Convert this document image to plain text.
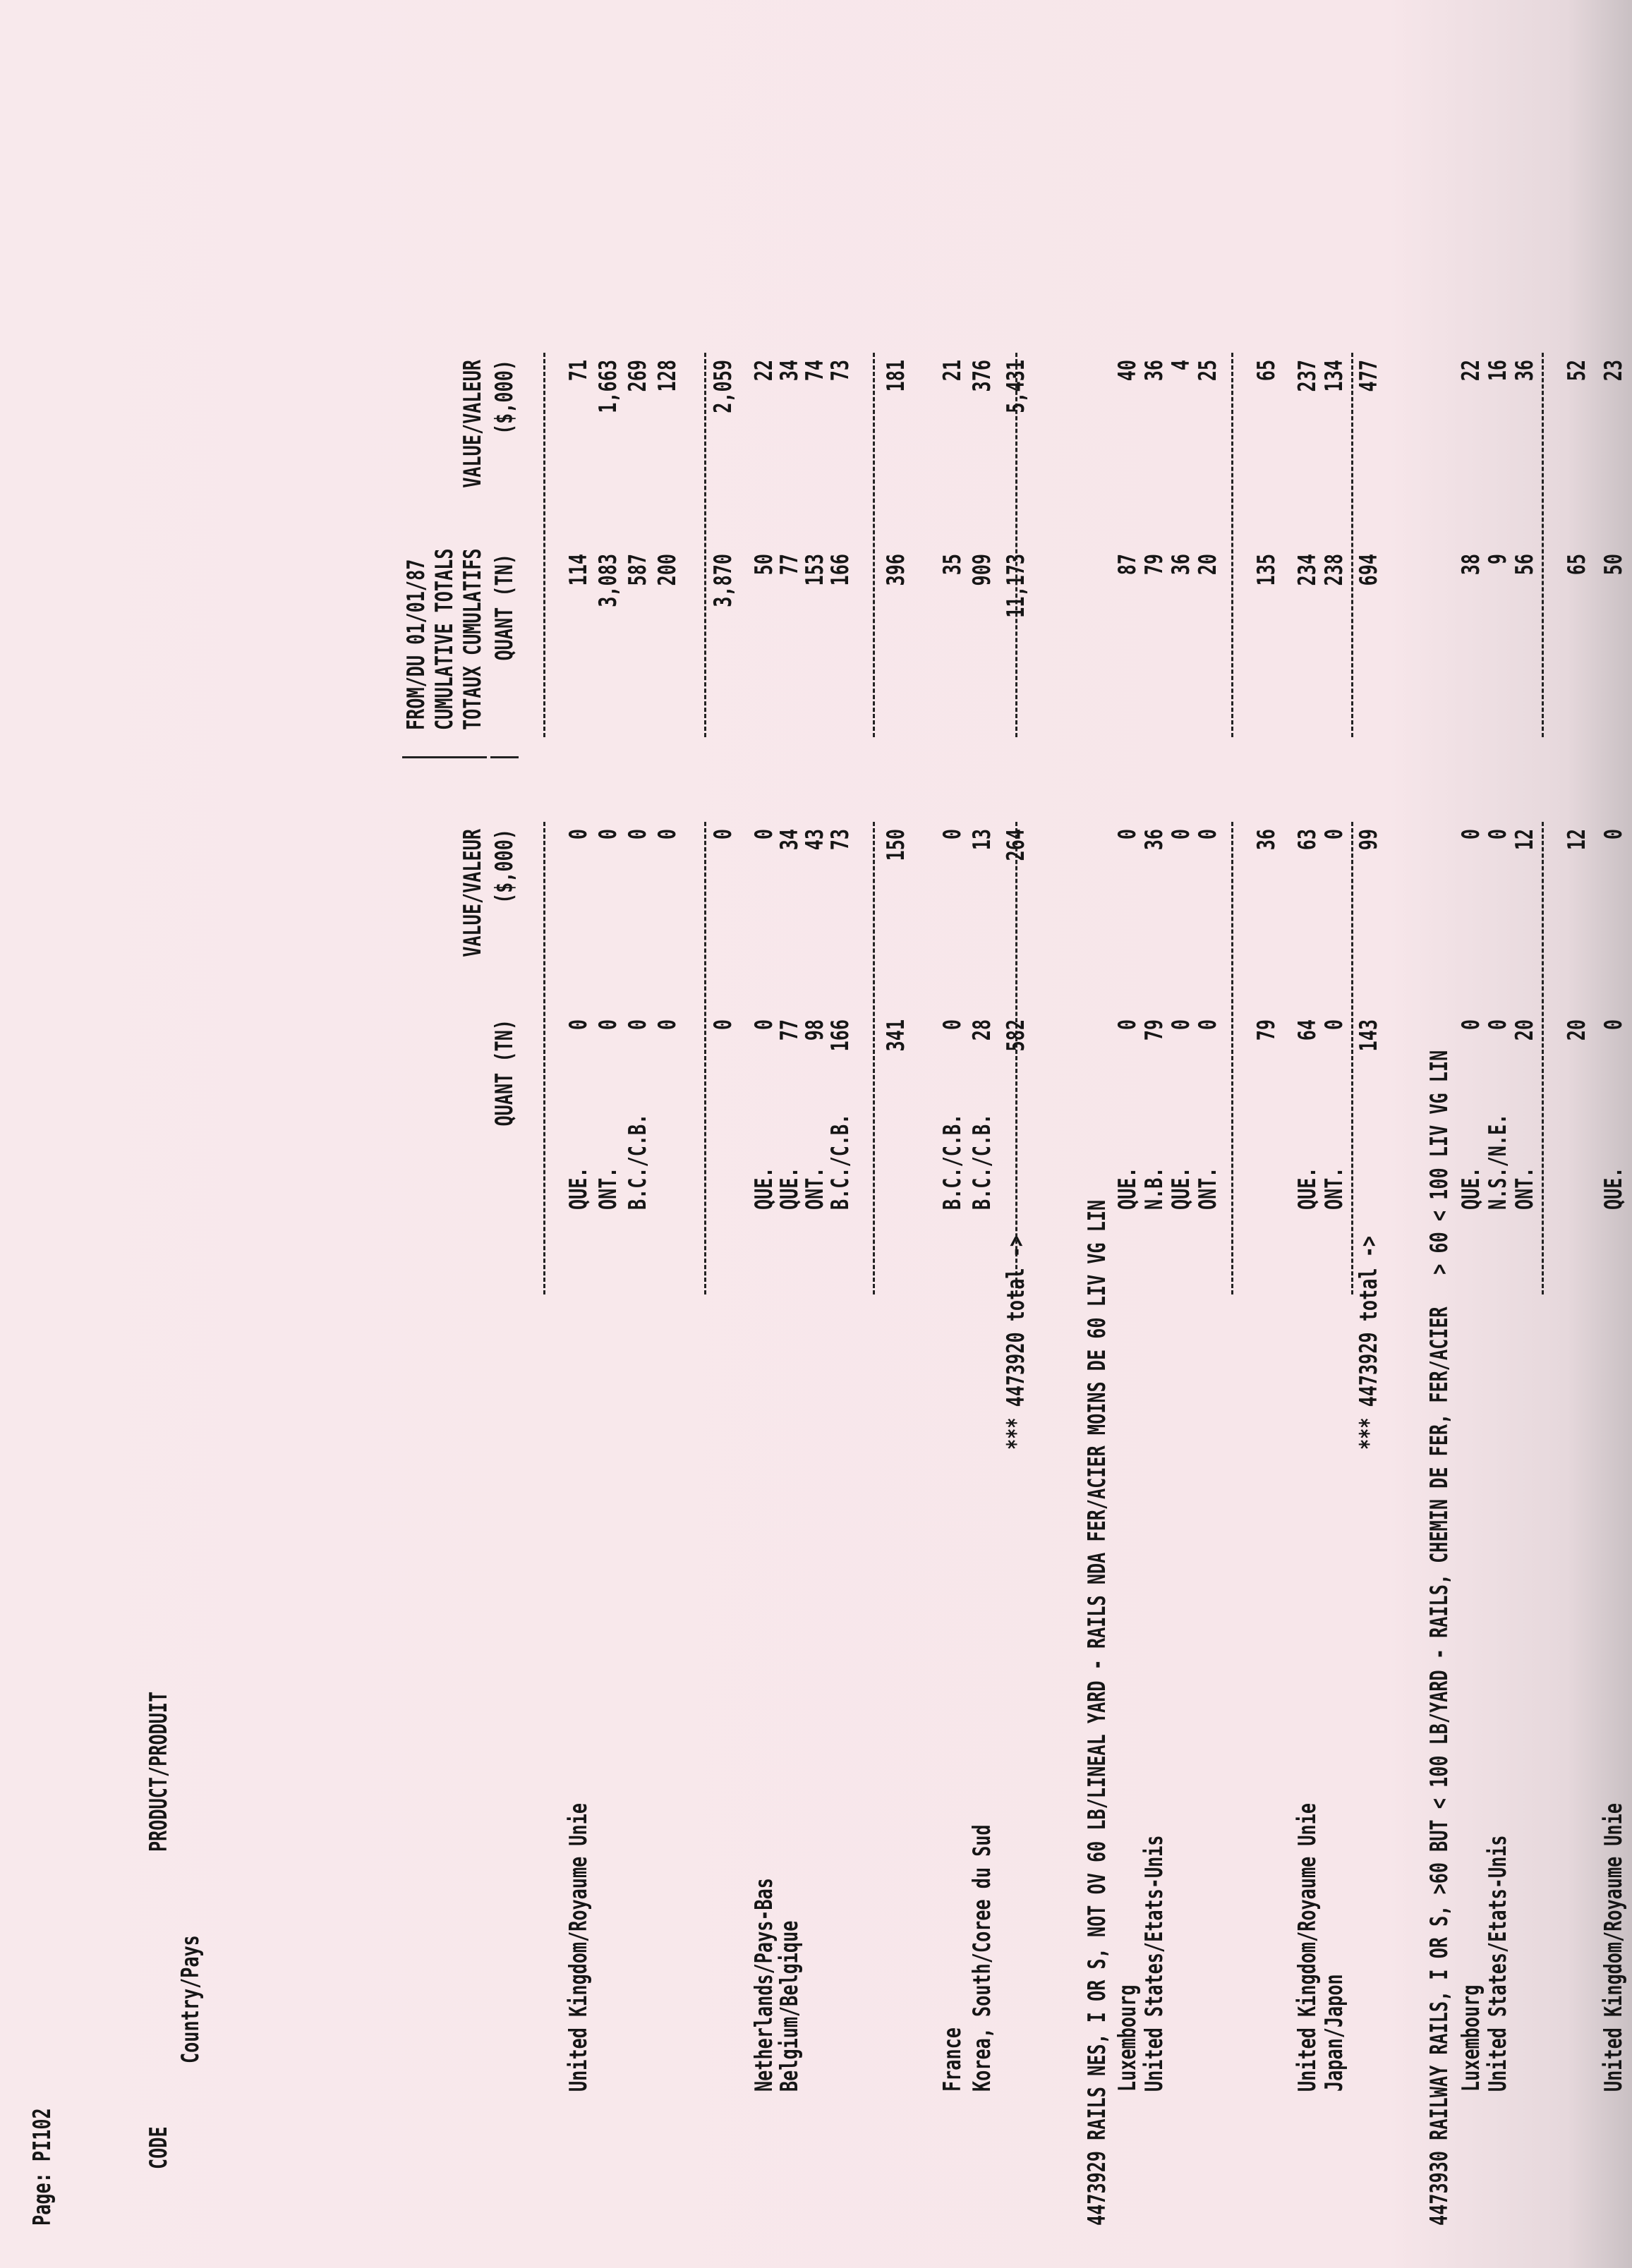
Page: PI102
FROM/DU 01/01/87 CUMULATIVE TOTALS TOTAUX CUMULATIFS
CODE
PRODUCT/PRODUIT
Country/Pays
VALUE/VALEUR
QUANT (TN)
($,000)
VALUE/VALEUR
QUANT (TN)
($,000)
United Kingdom/Royaume Unie
QUE.
0
0
114
71
ONT.
0
0
3,083
1,663
B.C./C.B.
0
0
587
269
0
0
200
128
0
0
3,870
2,059
Netherlands/Pays-Bas
QUE.
0
0
50
22
Belgium/Belgique
QUE.
77
34
77
34
ONT.
98
43
153
74
B.C./C.B.
166
73
166
73
341
150
396
181
France
B.C./C.B.
0
0
35
21
Korea, South/Coree du Sud
B.C./C.B.
28
13
909
376
*** 4473920 total ->
582
264
11,173
5,431
4473929 RAILS NES, I OR S, NOT OV 60 LB/LINEAL YARD - RAILS NDA FER/ACIER MOINS DE 60 LIV VG LIN Luxembourg
QUE.
0
0
87
40
United States/Etats-Unis
N.B.
79
36
79
36
QUE.
0
0
36
4
ONT.
0
0
20
25
79
36
135
65
United Kingdom/Royaume Unie
QUE.
64
63
234
237
Japan/Japon
ONT.
0
0
238
134
*** 4473929 total ->
143
99
694
477
4473930 RAILWAY RAILS, I OR S, >60 BUT < 100 LB/YARD - RAILS, CHEMIN DE FER, FER/ACIER   > 60 < 100 LIV VG LIN Luxembourg
QUE.
0
0
38
22
United States/Etats-Unis
N.S./N.E.
0
0
9
16
ONT.
20
12
56
36
20
12
65
52
United Kingdom/Royaume Unie
QUE.
0
0
50
23
